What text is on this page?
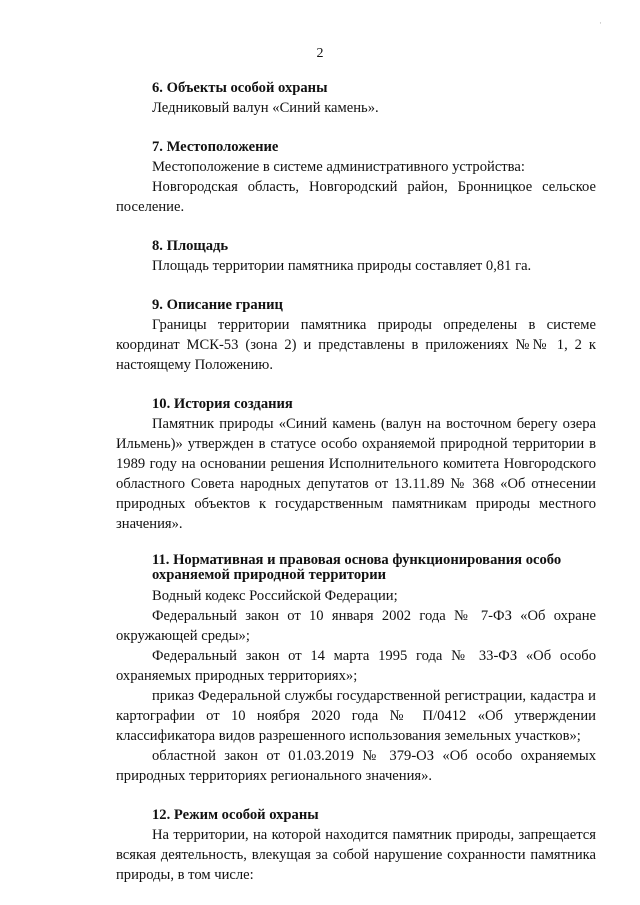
·
2
6. Объекты особой охраны

Ледниковый валун «Синий камень».

7. Местоположение

Местоположение в системе административного устройства:

Новгородская область, Новгородский район, Бронницкое сельское поселение.

8. Площадь

Площадь территории памятника природы составляет 0,81 га.

9. Описание границ

Границы территории памятника природы определены в системе координат МСК-53 (зона 2) и представлены в приложениях №№ 1, 2 к настоящему Положению.

10. История создания

Памятник природы «Синий камень (валун на восточном берегу озера Ильмень)» утвержден в статусе особо охраняемой природной территории в 1989 году на основании решения Исполнительного комитета Новгородского областного Совета народных депутатов от 13.11.89 № 368 «Об отнесении природных объектов к государственным памятникам природы местного значения».

11. Нормативная и правовая основа функционирования особо охраняемой природной территории

Водный кодекс Российской Федерации;

Федеральный закон от 10 января 2002 года № 7-ФЗ «Об охране окружающей среды»;

Федеральный закон от 14 марта 1995 года № 33-ФЗ «Об особо охраняемых природных территориях»;

приказ Федеральной службы государственной регистрации, кадастра и картографии от 10 ноября 2020 года № П/0412 «Об утверждении классификатора видов разрешенного использования земельных участков»;

областной закон от 01.03.2019 № 379-ОЗ «Об особо охраняемых природных территориях регионального значения».

12. Режим особой охраны

На территории, на которой находится памятник природы, запрещается всякая деятельность, влекущая за собой нарушение сохранности памятника природы, в том числе:
